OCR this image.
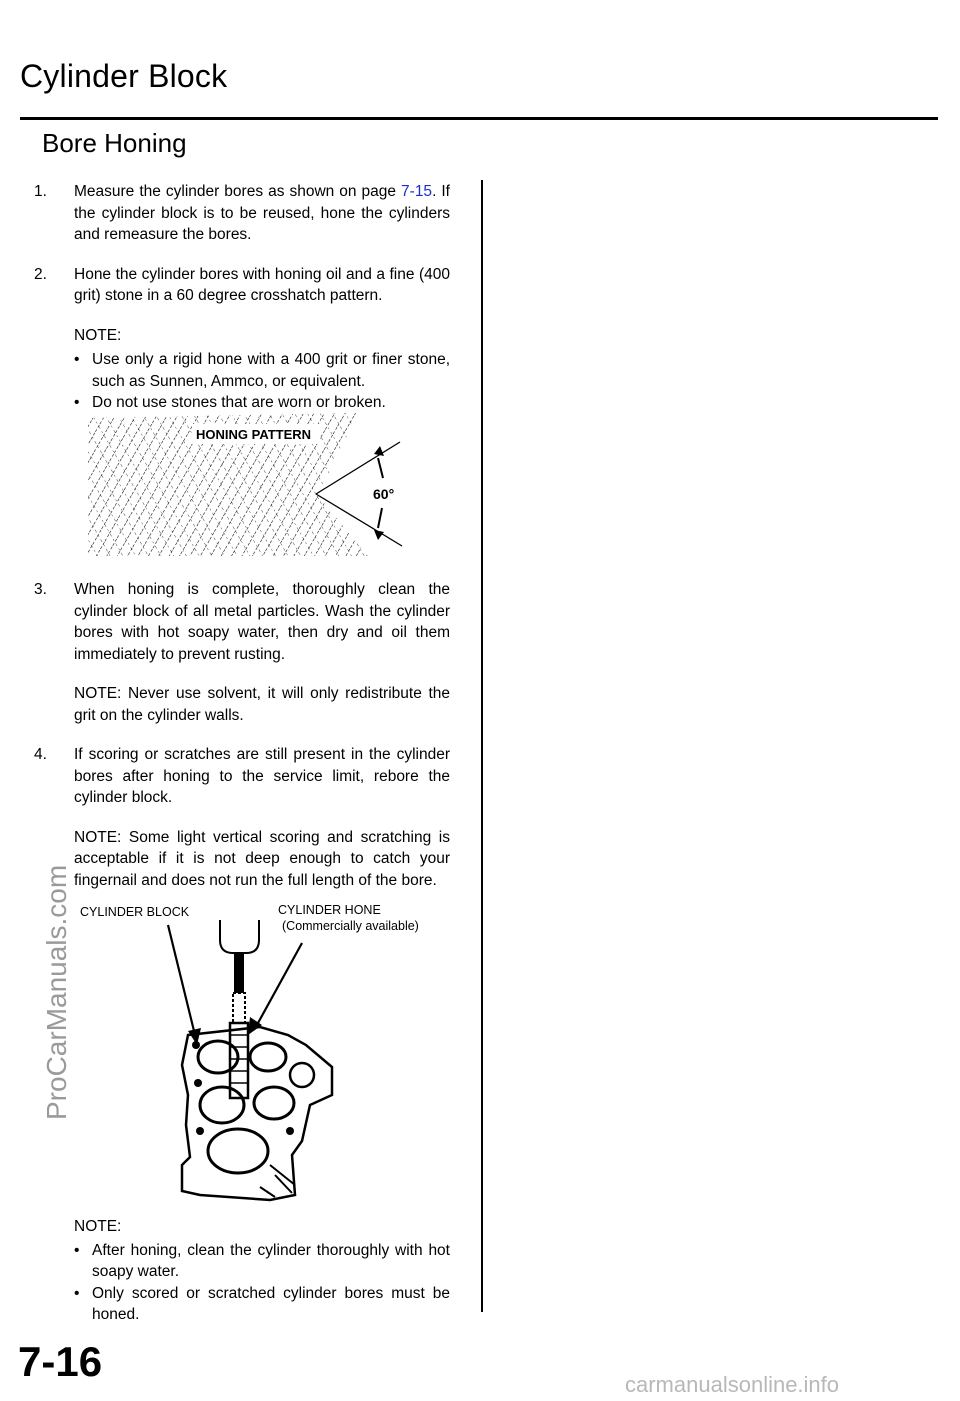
Cylinder Block
Bore Honing
1. Measure the cylinder bores as shown on page 7-15. If the cylinder block is to be reused, hone the cylinders and remeasure the bores.
2. Hone the cylinder bores with honing oil and a fine (400 grit) stone in a 60 degree crosshatch pattern.
NOTE:
• Use only a rigid hone with a 400 grit or finer stone, such as Sunnen, Ammco, or equivalent.
• Do not use stones that are worn or broken.
HONING PATTERN
60°
3. When honing is complete, thoroughly clean the cylinder block of all metal particles. Wash the cylinder bores with hot soapy water, then dry and oil them immediately to prevent rusting.
NOTE: Never use solvent, it will only redistribute the grit on the cylinder walls.
4. If scoring or scratches are still present in the cylinder bores after honing to the service limit, rebore the cylinder block.
NOTE: Some light vertical scoring and scratching is acceptable if it is not deep enough to catch your fingernail and does not run the full length of the bore.
CYLINDER BLOCK	CYLINDER HONE
(Commercially available)
NOTE:
• After honing, clean the cylinder thoroughly with hot soapy water.
• Only scored or scratched cylinder bores must be honed.
ProCarManuals.com
7-16	carmanualsonline.info
